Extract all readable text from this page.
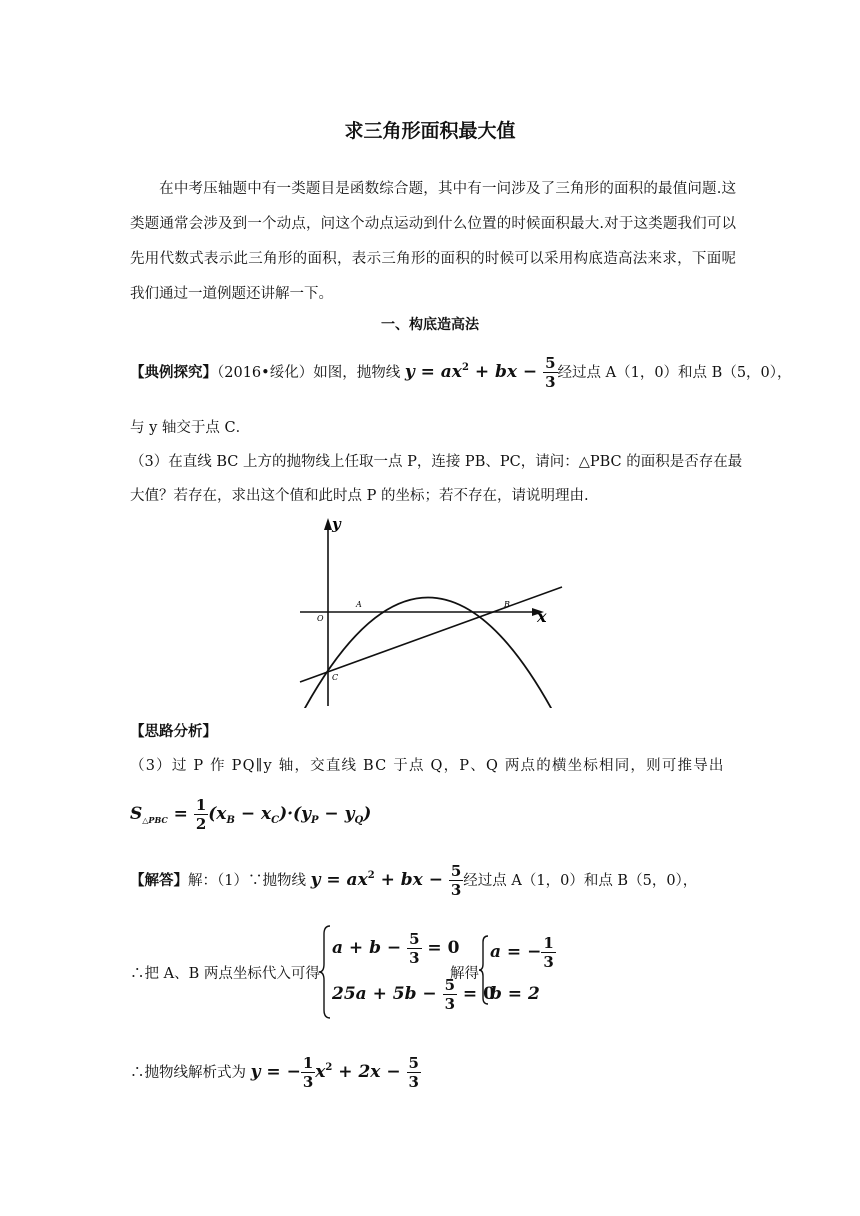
求三角形面积最大值
在中考压轴题中有一类题目是函数综合题，其中有一问涉及了三角形的面积的最值问题.这类题通常会涉及到一个动点，问这个动点运动到什么位置的时候面积最大.对于这类题我们可以先用代数式表示此三角形的面积，表示三角形的面积的时候可以采用构底造高法来求，下面呢我们通过一道例题还讲解一下。
一、构底造高法
【典例探究】（2016•绥化）如图，抛物线 $y = ax^2$ + bx − $\frac{5}{3}$ 经过点 A（1，0）和点 B（5，0），
与 y 轴交于点 C．
（3）在直线 BC 上方的抛物线上任取一点 P，连接 PB、PC，请问：△PBC 的面积是否存在最
大值？若存在，求出这个值和此时点 P 的坐标；若不存在，请说明理由.
y
x
O
A	B
C
【思路分析】
（3）过 P 作 PQ∥y 轴，交直线 BC 于点 Q，P、Q 两点的横坐标相同，则可推导出
$S_{\triangle PBC} = \frac{1}{2} (x_B - x_C)\cdot(y_P - y_Q)$
【解答】解：（1）∵抛物线 $y = ax^2$ + bx − $\frac{5}{3}$ 经过点 A（1，0）和点 B（5，0），
∴把 A、B 两点坐标代入可得
$a + b - \frac{5}{3} = 0$
$25a + 5b - \frac{5}{3} = 0$
解得
a = − $\frac{1}{3}$
b = 2
∴抛物线解析式为 y = − $\frac{1}{3} x^2 + 2x - \frac{5}{3}$
